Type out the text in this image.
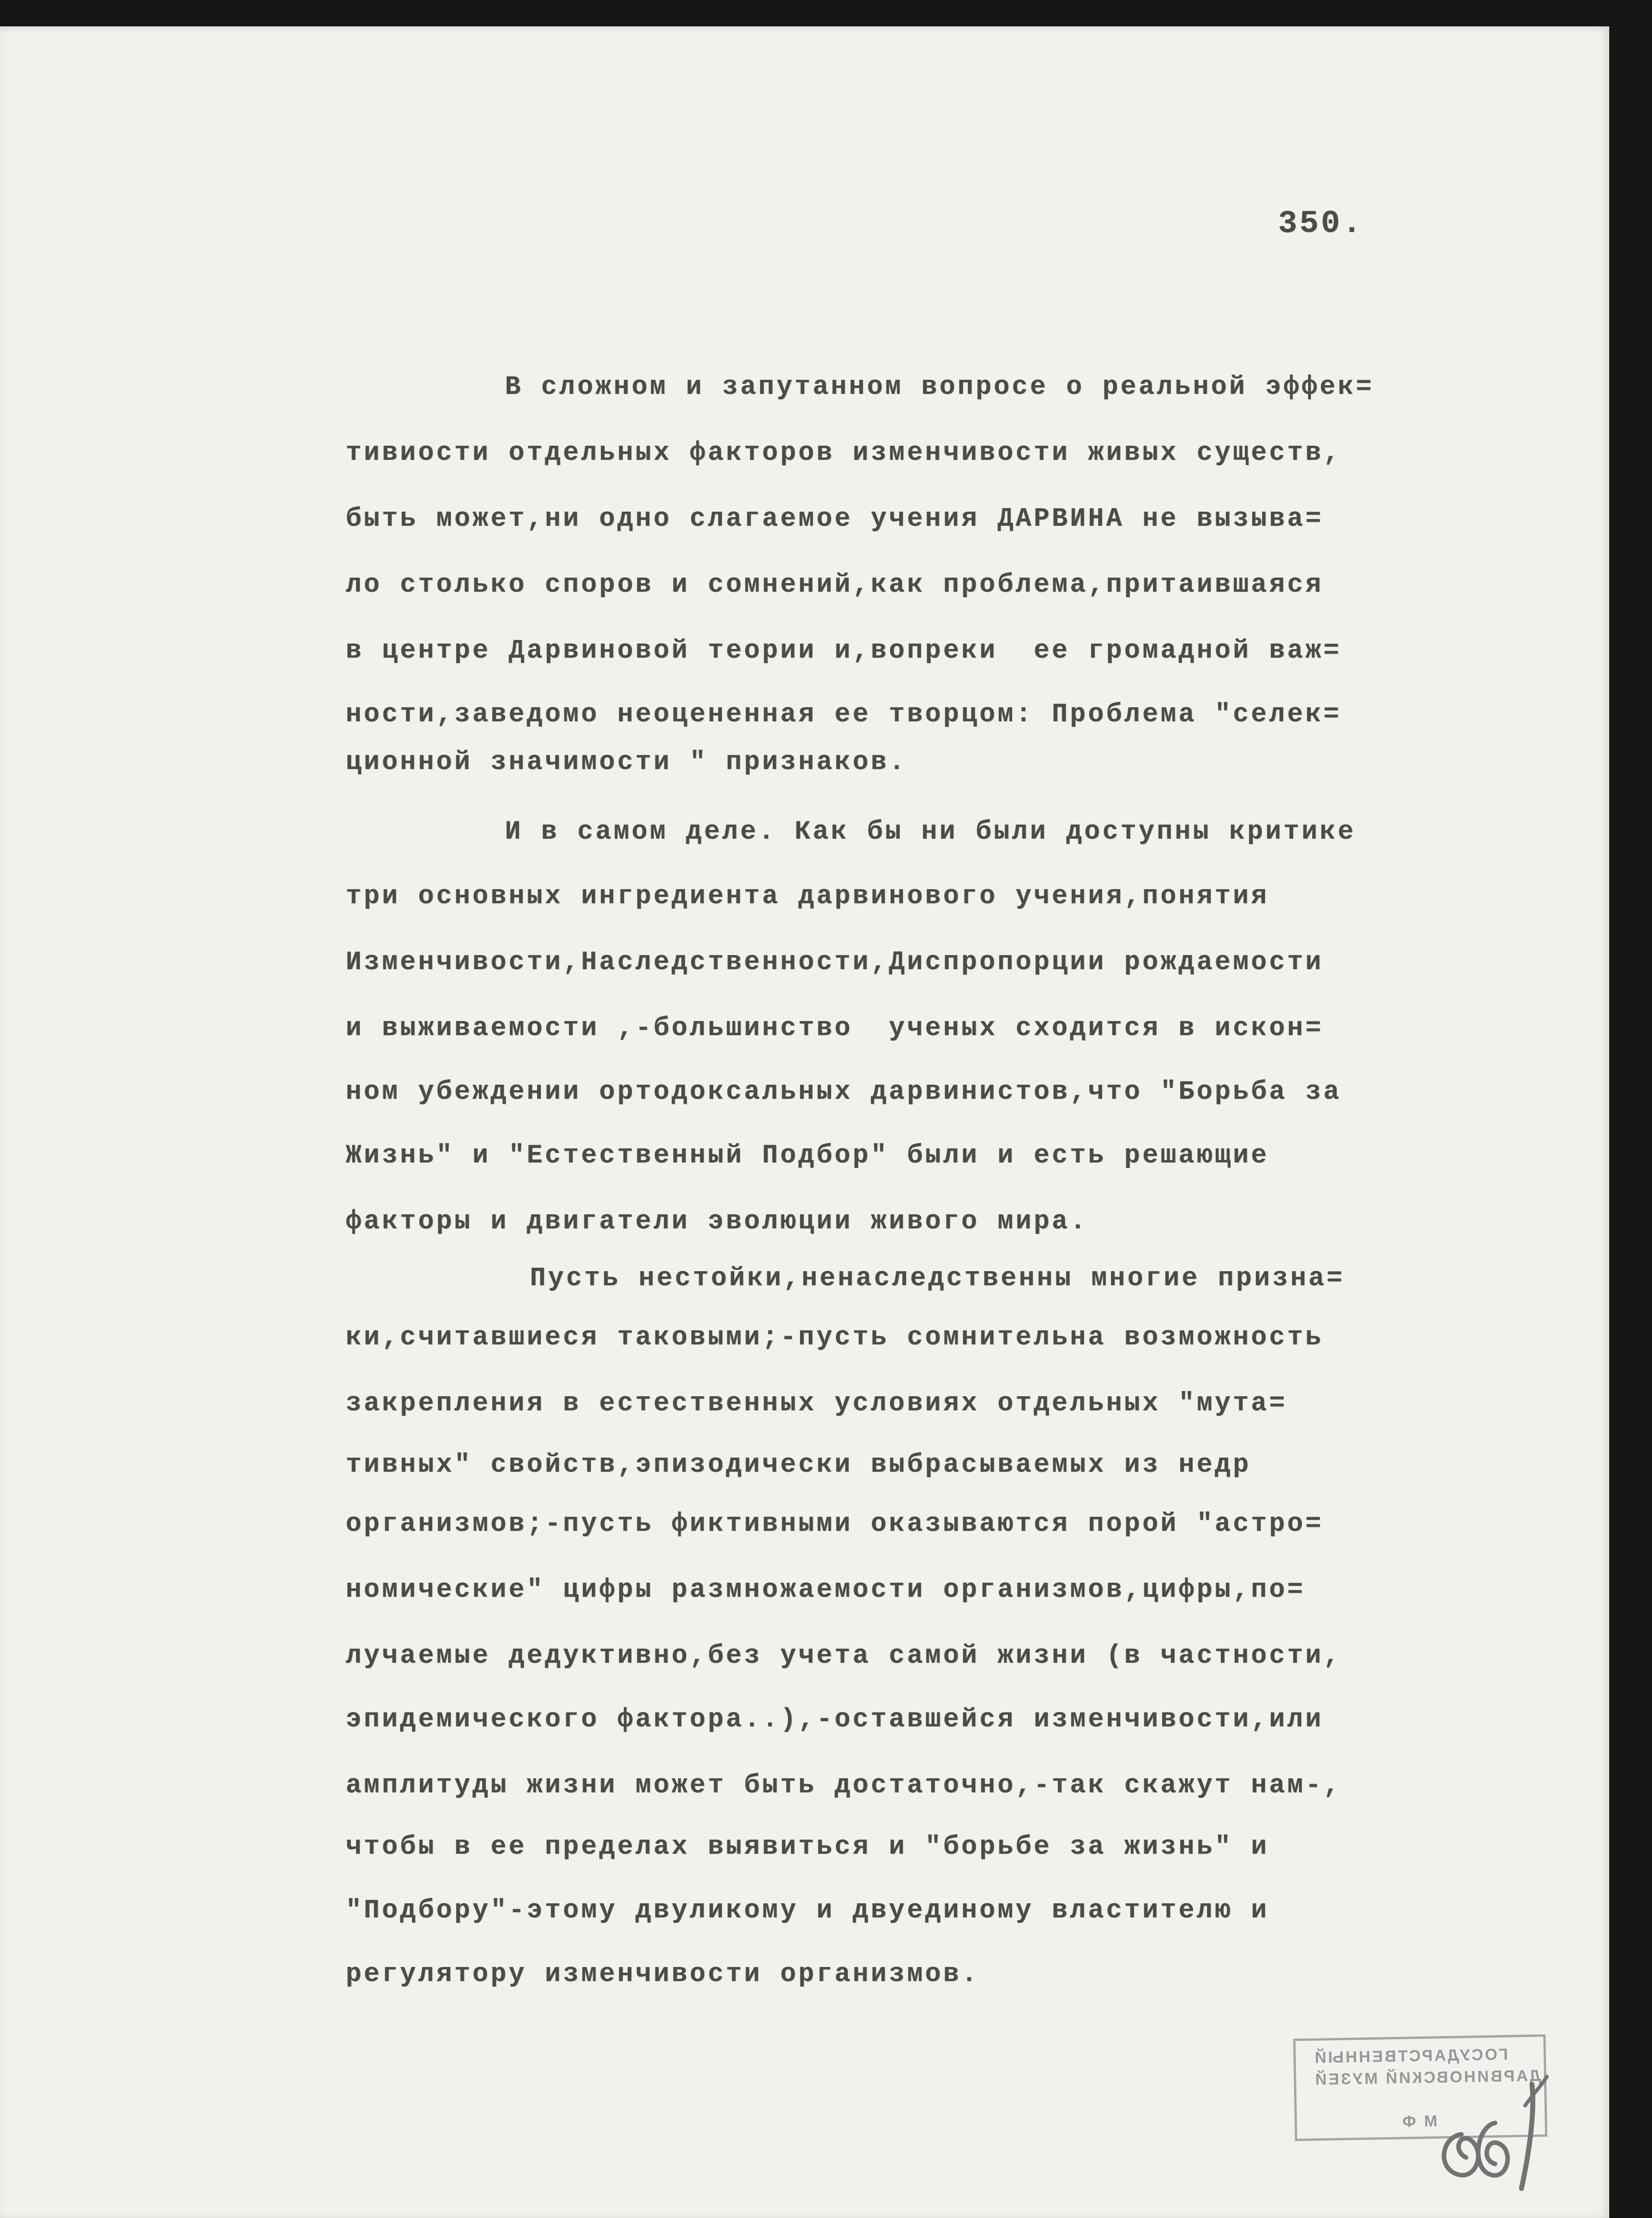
350.
В сложном и запутанном вопросе о реальной эффек=
тивиости отдельных факторов изменчивости живых существ,
быть может,ни одно слагаемое учения ДАРВИНА не вызыва=
ло столько споров и сомнений,как проблема,притаившаяся
в центре Дарвиновой теории и,вопреки  ее громадной важ=
ности,заведомо неоцененная ее творцом: Проблема "селек=
ционной значимости " признаков.
И в самом деле. Как бы ни были доступны критике
три основных ингредиента дарвинового учения,понятия
Изменчивости,Наследственности,Диспропорции рождаемости
и выживаемости ,-большинство  ученых сходится в искон=
ном убеждении ортодоксальных дарвинистов,что "Борьба за
Жизнь" и "Естественный Подбор" были и есть решающие
факторы и двигатели эволюции живого мира.
Пусть нестойки,ненаследственны многие призна=
ки,считавшиеся таковыми;-пусть сомнительна возможность
закрепления в естественных условиях отдельных "мута=
тивных" свойств,эпизодически выбрасываемых из недр
организмов;-пусть фиктивными оказываются порой "астро=
номические" цифры размножаемости организмов,цифры,по=
лучаемые дедуктивно,без учета самой жизни (в частности,
эпидемического фактора..),-оставшейся изменчивости,или
амплитуды жизни может быть достаточно,-так скажут нам-,
чтобы в ее пределах выявиться и "борьбе за жизнь" и
"Подбору"-этому двуликому и двуединому властителю и
регулятору изменчивости организмов.
ГОСУДАРСТВЕННЫЙ
ДАРВИНОВСКИЙ МУЗЕЙ
М Ф
